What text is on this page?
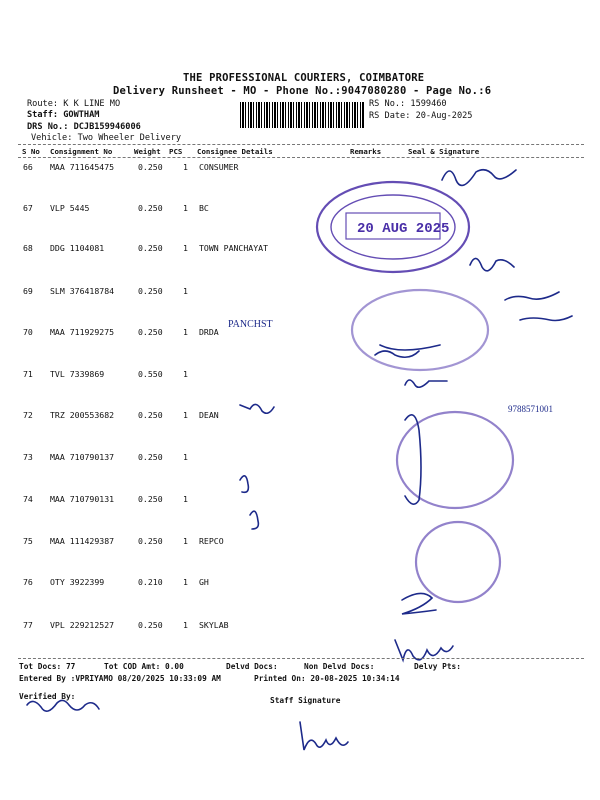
THE PROFESSIONAL COURIERS, COIMBATORE
Delivery Runsheet - MO - Phone No.:9047080280 - Page No.:6
Route: K K LINE MO
Staff: GOWTHAM
DRS No.: DCJB159946006
Vehicle: Two Wheeler Delivery
RS No.: 1599460
RS Date: 20-Aug-2025
S No Consignment No	Weight PCS Consignee Details	Remarks	Seal & Signature
66 MAA 711645475	0.250 1 CONSUMER
67 VLP 5445	0.250 1 BC
68 DDG 1104081	0.250 1 TOWN PANCHAYAT
69 SLM 376418784	0.250 1
70 MAA 711929275	0.250 1 DRDA
71 TVL 7339869	0.550 1
72 TRZ 200553682	0.250 1 DEAN
73 MAA 710790137	0.250 1
74 MAA 710790131	0.250 1
75 MAA 111429387	0.250 1 REPCO
76 OTY 3922399	0.210 1 GH
77 VPL 229212527	0.250 1 SKYLAB
20 AUG 2025
PANCHST
9788571001
Tot Docs: 77	Tot COD Amt: 0.00	Delvd Docs:	Non Delvd Docs:	Delvy Pts:
Entered By :VPRIYAMO 08/20/2025 10:33:09 AM	Printed On: 20-08-2025 10:34:14
Verified By:	Staff Signature
